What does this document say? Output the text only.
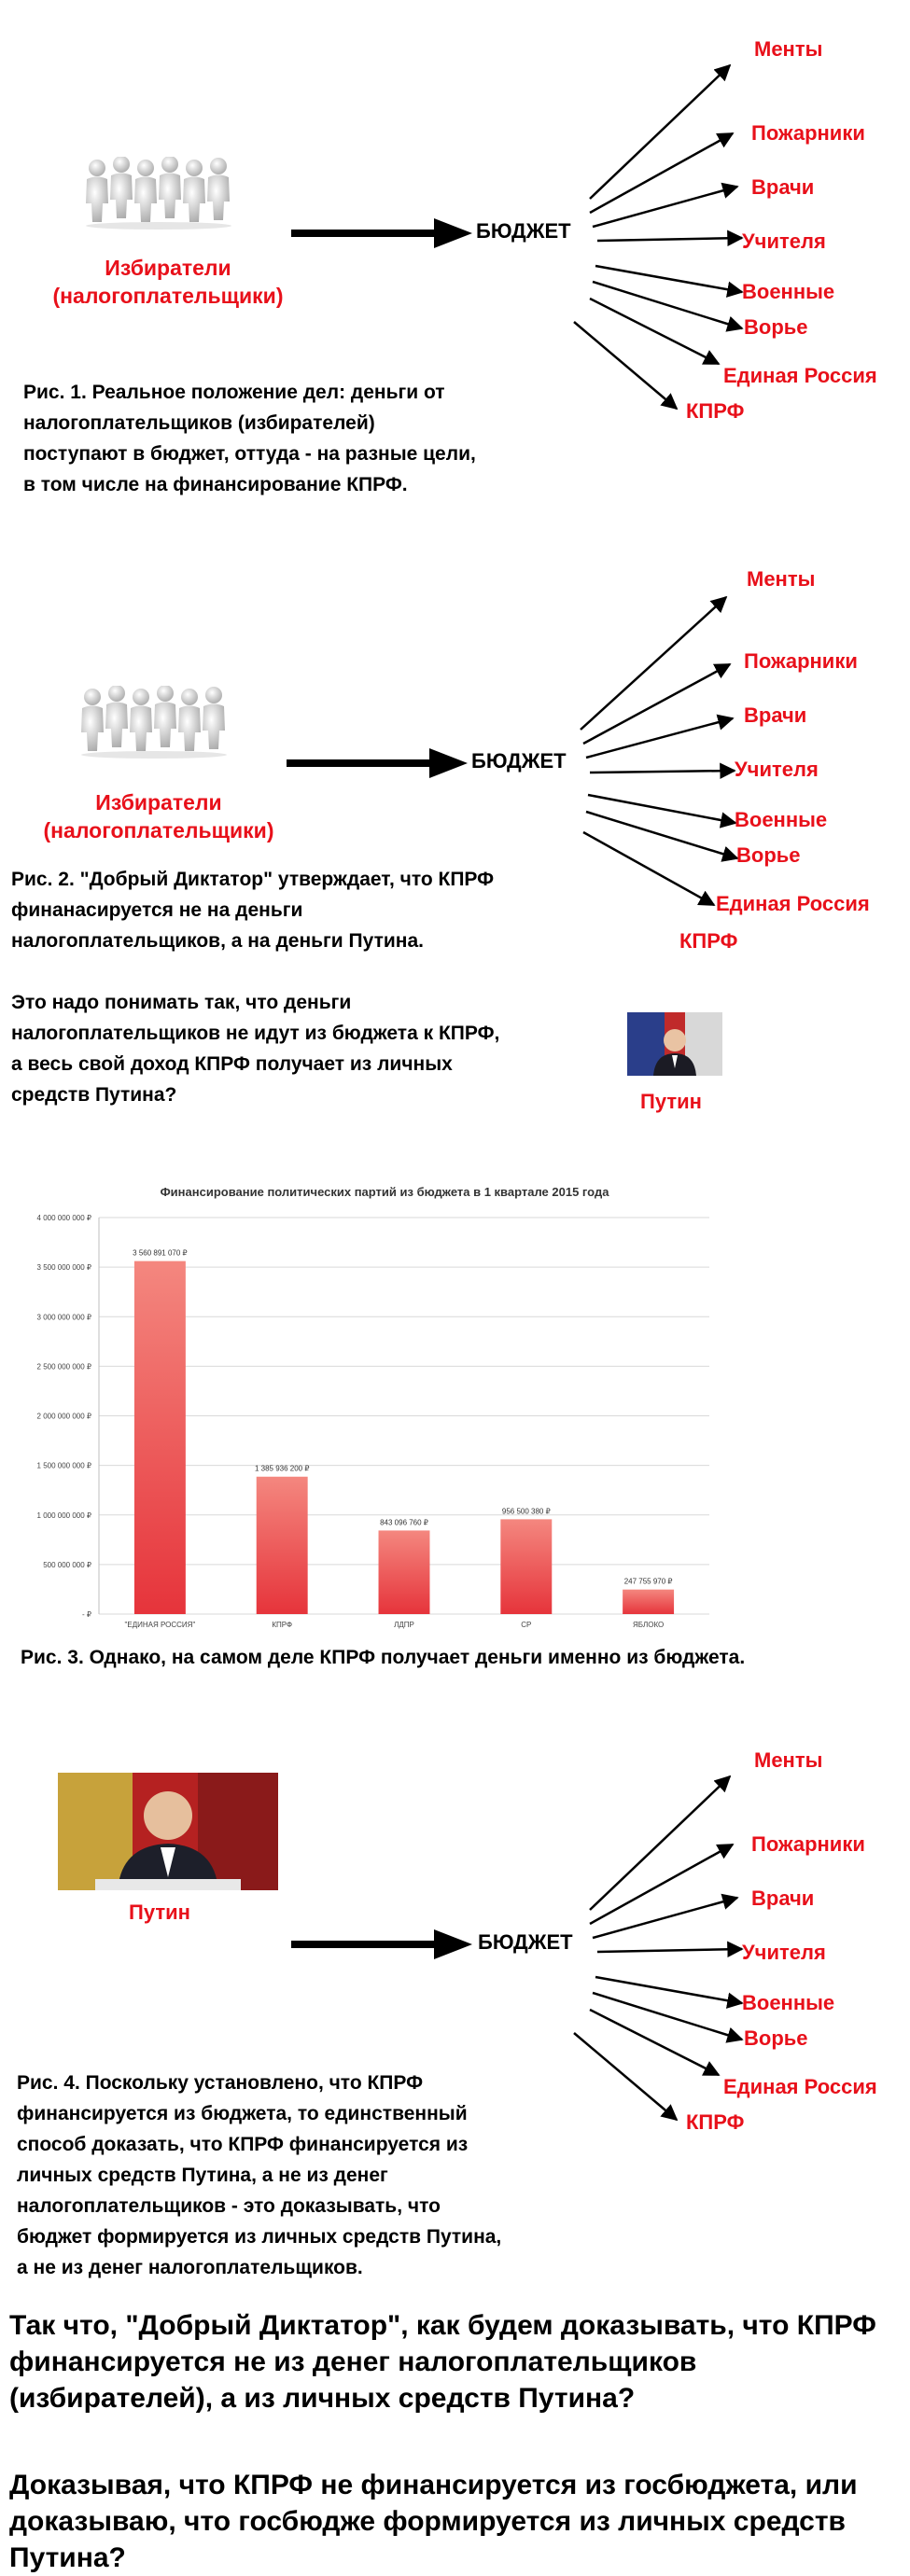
Избиратели
(налогоплательщики)
БЮДЖЕТ
Менты
Пожарники
Врачи
Учителя
Военные
Ворье
Единая Россия
КПРФ
Рис. 1. Реальное положение дел: деньги от
налогоплательщиков (избирателей)
поступают в бюджет, оттуда - на разные цели,
в том числе на финансирование КПРФ.
Избиратели
(налогоплательщики)
БЮДЖЕТ
Менты
Пожарники
Врачи
Учителя
Военные
Ворье
Единая Россия
КПРФ
Путин
Рис. 2. "Добрый Диктатор" утверждает, что КПРФ
финанасируется не на деньги
налогоплательщиков, а на деньги Путина.

Это надо понимать так, что деньги
налогоплательщиков не идут из бюджета к КПРФ,
а весь свой доход КПРФ получает из личных
средств Путина?
Финансирование политических партий из бюджета в 1 квартале 2015 года
- ₽
500 000 000 ₽
1 000 000 000 ₽
1 500 000 000 ₽
2 000 000 000 ₽
2 500 000 000 ₽
3 000 000 000 ₽
3 500 000 000 ₽
4 000 000 000 ₽
3 560 891 070 ₽
1 385 936 200 ₽
843 096 760 ₽
956 500 380 ₽
247 755 970 ₽
"ЕДИНАЯ РОССИЯ"	КПРФ	ЛДПР	СР	ЯБЛОКО
Рис. 3. Однако, на самом деле КПРФ получает деньги именно из бюджета.
Путин
БЮДЖЕТ
Менты
Пожарники
Врачи
Учителя
Военные
Ворье
Единая Россия
КПРФ
Рис. 4. Поскольку установлено, что КПРФ
финансируется из бюджета, то единственный
способ доказать, что КПРФ финансируется из
личных средств Путина, а не из денег
налогоплательщиков - это доказывать, что
бюджет формируется из личных средств Путина,
а не из денег налогоплательщиков.
Так что, "Добрый Диктатор", как будем доказывать, что КПРФ
финансируется не из денег налогоплательщиков
(избирателей), а из личных средств Путина?
Доказывая, что КПРФ не финансируется из госбюджета, или
доказываю, что госбюдже формируется из личных средств
Путина?
